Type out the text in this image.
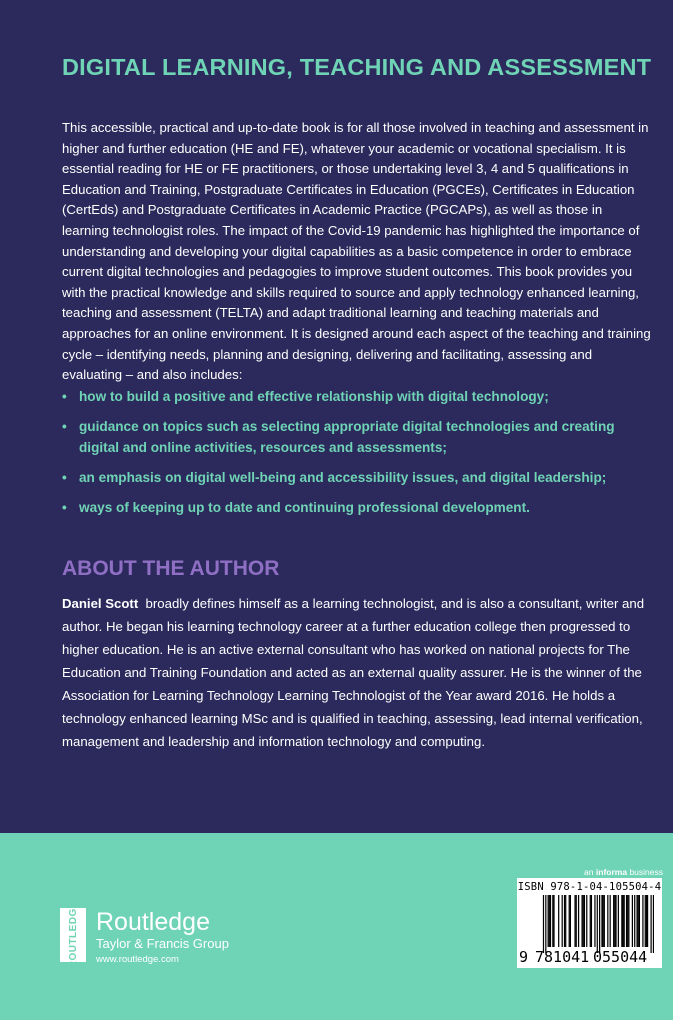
DIGITAL LEARNING, TEACHING AND ASSESSMENT

This accessible, practical and up-to-date book is for all those involved in teaching and assessment in higher and further education (HE and FE), whatever your academic or vocational specialism. It is essential reading for HE or FE practitioners, or those undertaking level 3, 4 and 5 qualifications in Education and Training, Postgraduate Certificates in Education (PGCEs), Certificates in Education (CertEds) and Postgraduate Certificates in Academic Practice (PGCAPs), as well as those in learning technologist roles. The impact of the Covid-19 pandemic has highlighted the importance of understanding and developing your digital capabilities as a basic competence in order to embrace current digital technologies and pedagogies to improve student outcomes. This book provides you with the practical knowledge and skills required to source and apply technology enhanced learning, teaching and assessment (TELTA) and adapt traditional learning and teaching materials and approaches for an online environment. It is designed around each aspect of the teaching and training cycle – identifying needs, planning and designing, delivering and facilitating, assessing and evaluating – and also includes:

• how to build a positive and effective relationship with digital technology;
• guidance on topics such as selecting appropriate digital technologies and creating digital and online activities, resources and assessments;
• an emphasis on digital well-being and accessibility issues, and digital leadership;
• ways of keeping up to date and continuing professional development.
ABOUT THE AUTHOR

Daniel Scott broadly defines himself as a learning technologist, and is also a consultant, writer and author. He began his learning technology career at a further education college then progressed to higher education. He is an active external consultant who has worked on national projects for The Education and Training Foundation and acted as an external quality assurer. He is the winner of the Association for Learning Technology Learning Technologist of the Year award 2016. He holds a technology enhanced learning MSc and is qualified in teaching, assessing, lead internal verification, management and leadership and information technology and computing.

ROUTLEDGE Routledge
Taylor & Francis Group
www.routledge.com
an informa business
ISBN 978-1-04-105504-4
9 781041 055044
